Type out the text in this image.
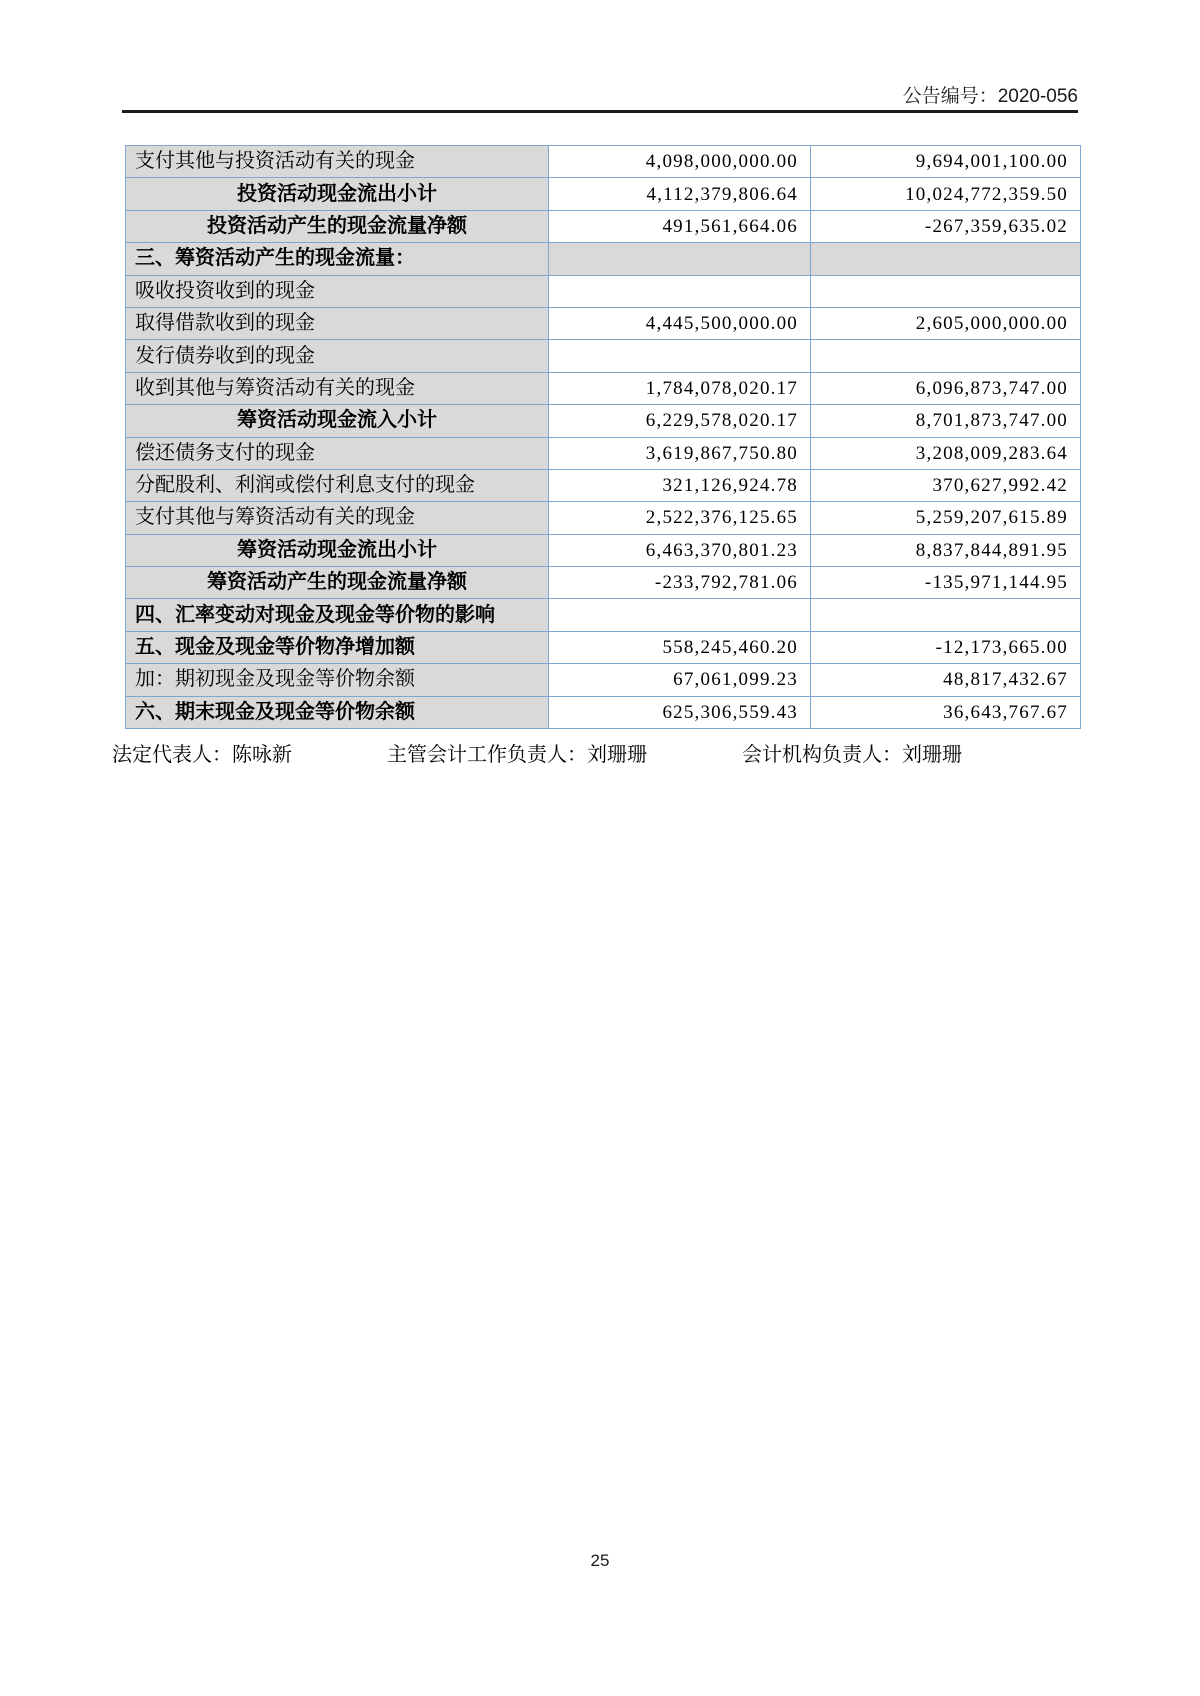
公告编号：2020-056
支付其他与投资活动有关的现金	4,098,000,000.00	9,694,001,100.00
投资活动现金流出小计	4,112,379,806.64	10,024,772,359.50
投资活动产生的现金流量净额	491,561,664.06	-267,359,635.02
三、筹资活动产生的现金流量：		
吸收投资收到的现金		
取得借款收到的现金	4,445,500,000.00	2,605,000,000.00
发行债券收到的现金		
收到其他与筹资活动有关的现金	1,784,078,020.17	6,096,873,747.00
筹资活动现金流入小计	6,229,578,020.17	8,701,873,747.00
偿还债务支付的现金	3,619,867,750.80	3,208,009,283.64
分配股利、利润或偿付利息支付的现金	321,126,924.78	370,627,992.42
支付其他与筹资活动有关的现金	2,522,376,125.65	5,259,207,615.89
筹资活动现金流出小计	6,463,370,801.23	8,837,844,891.95
筹资活动产生的现金流量净额	-233,792,781.06	-135,971,144.95
四、汇率变动对现金及现金等价物的影响		
五、现金及现金等价物净增加额	558,245,460.20	-12,173,665.00
加：期初现金及现金等价物余额	67,061,099.23	48,817,432.67
六、期末现金及现金等价物余额	625,306,559.43	36,643,767.67
法定代表人：陈咏新	主管会计工作负责人：刘珊珊	会计机构负责人：刘珊珊
25
